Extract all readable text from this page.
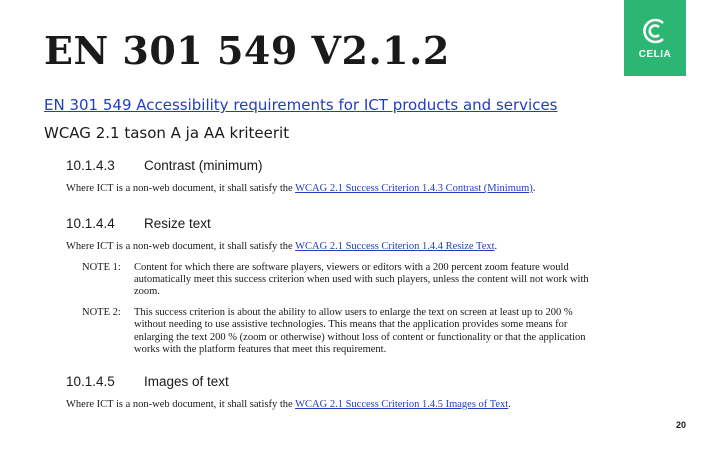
EN 301 549 V2.1.2	CELIA
EN 301 549 Accessibility requirements for ICT products and services
WCAG 2.1 tason A ja AA kriteerit

10.1.4.3	Contrast (minimum)

Where ICT is a non-web document, it shall satisfy the WCAG 2.1 Success Criterion 1.4.3 Contrast (Minimum).

10.1.4.4	Resize text

Where ICT is a non-web document, it shall satisfy the WCAG 2.1 Success Criterion 1.4.4 Resize Text.

NOTE 1:	Content for which there are software players, viewers or editors with a 200 percent zoom feature would automatically meet this success criterion when used with such players, unless the content will not work with zoom.
NOTE 2:	This success criterion is about the ability to allow users to enlarge the text on screen at least up to 200 % without needing to use assistive technologies. This means that the application provides some means for enlarging the text 200 % (zoom or otherwise) without loss of content or functionality or that the application works with the platform features that meet this requirement.

10.1.4.5	Images of text

Where ICT is a non-web document, it shall satisfy the WCAG 2.1 Success Criterion 1.4.5 Images of Text.

20
